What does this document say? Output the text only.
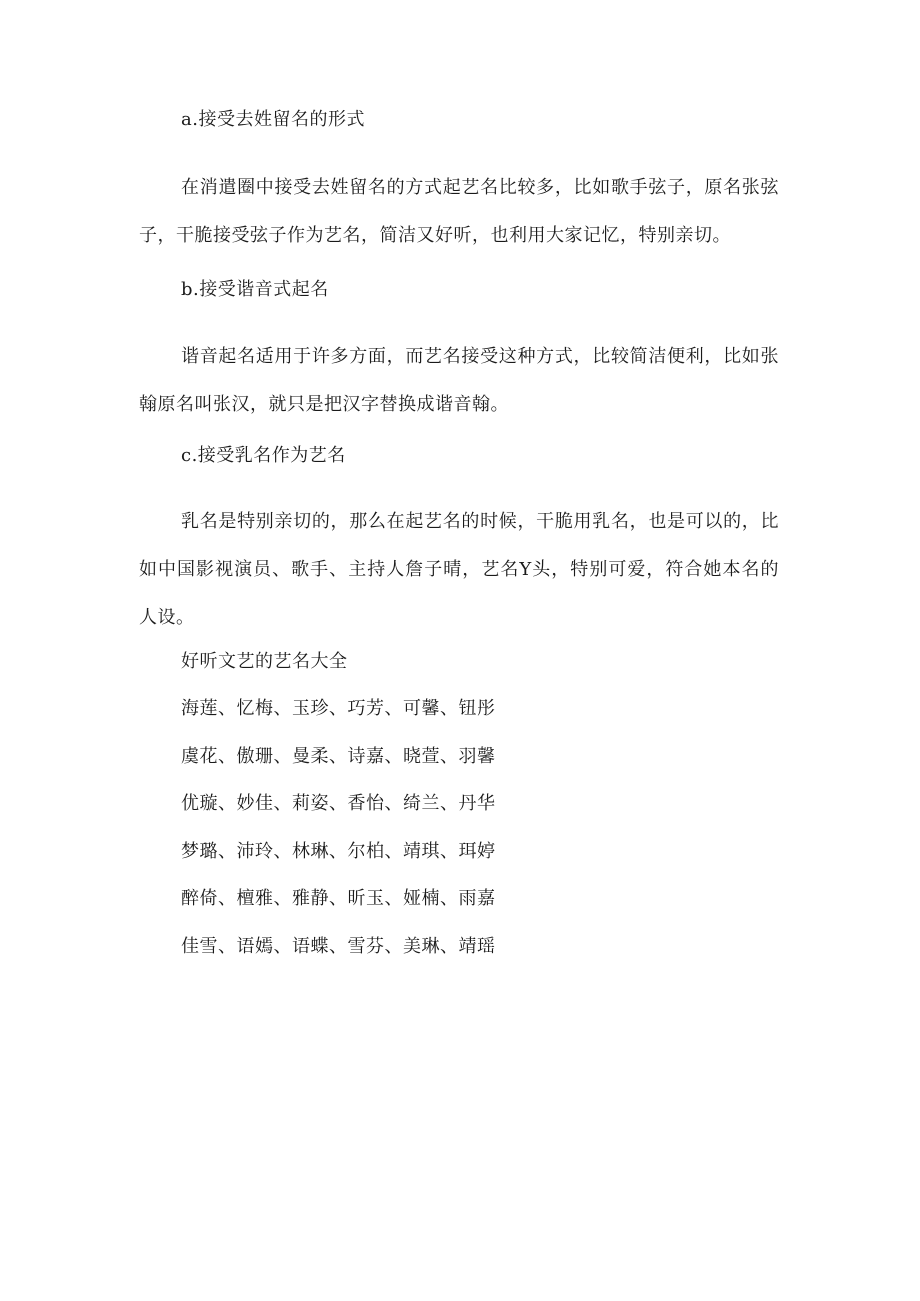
a.接受去姓留名的形式
在消遣圈中接受去姓留名的方式起艺名比较多，比如歌手弦子，原名张弦子，干脆接受弦子作为艺名，简洁又好听，也利用大家记忆，特别亲切。
b.接受谐音式起名
谐音起名适用于许多方面，而艺名接受这种方式，比较简洁便利，比如张翰原名叫张汉，就只是把汉字替换成谐音翰。
c.接受乳名作为艺名
乳名是特别亲切的，那么在起艺名的时候，干脆用乳名，也是可以的，比如中国影视演员、歌手、主持人詹子晴，艺名Y头，特别可爱，符合她本名的人设。
好听文艺的艺名大全
海莲、忆梅、玉珍、巧芳、可馨、钮彤
虞花、傲珊、曼柔、诗嘉、晓萱、羽馨
优璇、妙佳、莉姿、香怡、绮兰、丹华
梦璐、沛玲、林琳、尔柏、靖琪、珥婷
醉倚、檀雅、雅静、昕玉、娅楠、雨嘉
佳雪、语嫣、语蝶、雪芬、美琳、靖瑶
